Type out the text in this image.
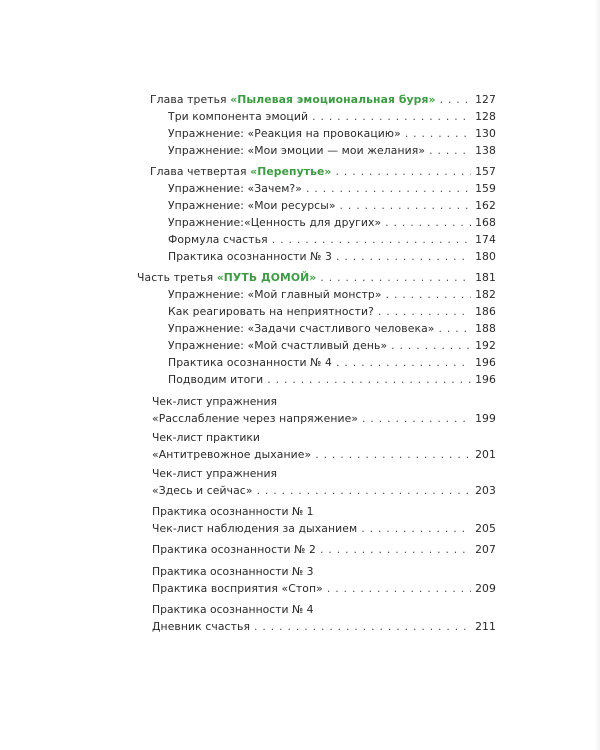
Глава третья «Пылевая эмоциональная буря» . . .	127
Три компонента эмоций . . .	128
Упражнение: «Реакция на провокацию» . . .	130
Упражнение: «Мои эмоции — мои желания» . . .	138
Глава четвертая «Перепутье» . . .	157
Упражнение: «Зачем?» . . .	159
Упражнение: «Мои ресурсы» . . .	162
Упражнение:«Ценность для других» . . .	168
Формула счастья . . .	174
Практика осознанности № 3 . . .	180
Часть третья «ПУТЬ ДОМОЙ» . . .	181
Упражнение: «Мой главный монстр» . . .	182
Как реагировать на неприятности? . . .	186
Упражнение: «Задачи счастливого человека» . . .	188
Упражнение: «Мой счастливый день» . . .	192
Практика осознанности № 4 . . .	196
Подводим итоги . . .	196
Чек-лист упражнения
«Расслабление через напряжение» . . .	199
Чек-лист практики
«Антитревожное дыхание» . . .	201
Чек-лист упражнения
«Здесь и сейчас» . . .	203
Практика осознанности № 1
Чек-лист наблюдения за дыханием . . .	205
Практика осознанности № 2 . . .	207
Практика осознанности № 3
Практика восприятия «Стоп» . . .	209
Практика осознанности № 4
Дневник счастья . . .	211
